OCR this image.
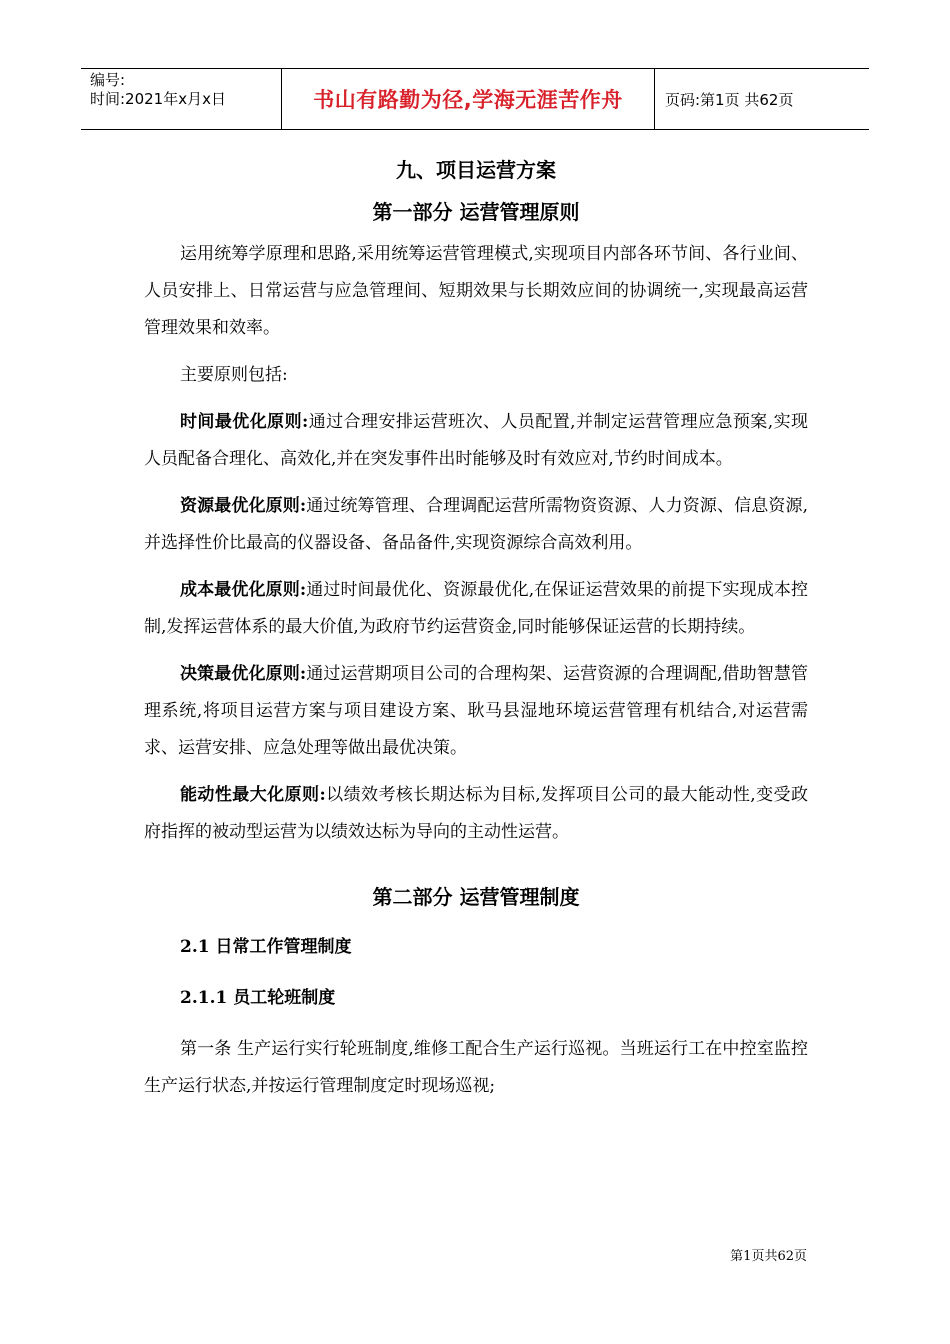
编号:
时间:2021年x月x日	书山有路勤为径,学海无涯苦作舟	页码:第1页 共62页
九、项目运营方案
第一部分 运营管理原则

运用统筹学原理和思路,采用统筹运营管理模式,实现项目内部各环节间、各行业间、人员安排上、日常运营与应急管理间、短期效果与长期效应间的协调统一,实现最高运营管理效果和效率。

主要原则包括:

时间最优化原则:通过合理安排运营班次、人员配置,并制定运营管理应急预案,实现人员配备合理化、高效化,并在突发事件出时能够及时有效应对,节约时间成本。

资源最优化原则:通过统筹管理、合理调配运营所需物资资源、人力资源、信息资源,并选择性价比最高的仪器设备、备品备件,实现资源综合高效利用。

成本最优化原则:通过时间最优化、资源最优化,在保证运营效果的前提下实现成本控制,发挥运营体系的最大价值,为政府节约运营资金,同时能够保证运营的长期持续。

决策最优化原则:通过运营期项目公司的合理构架、运营资源的合理调配,借助智慧管理系统,将项目运营方案与项目建设方案、耿马县湿地环境运营管理有机结合,对运营需求、运营安排、应急处理等做出最优决策。

能动性最大化原则:以绩效考核长期达标为目标,发挥项目公司的最大能动性,变受政府指挥的被动型运营为以绩效达标为导向的主动性运营。

第二部分 运营管理制度
2.1 日常工作管理制度
2.1.1 员工轮班制度

第一条 生产运行实行轮班制度,维修工配合生产运行巡视。当班运行工在中控室监控生产运行状态,并按运行管理制度定时现场巡视;

第1页共62页
